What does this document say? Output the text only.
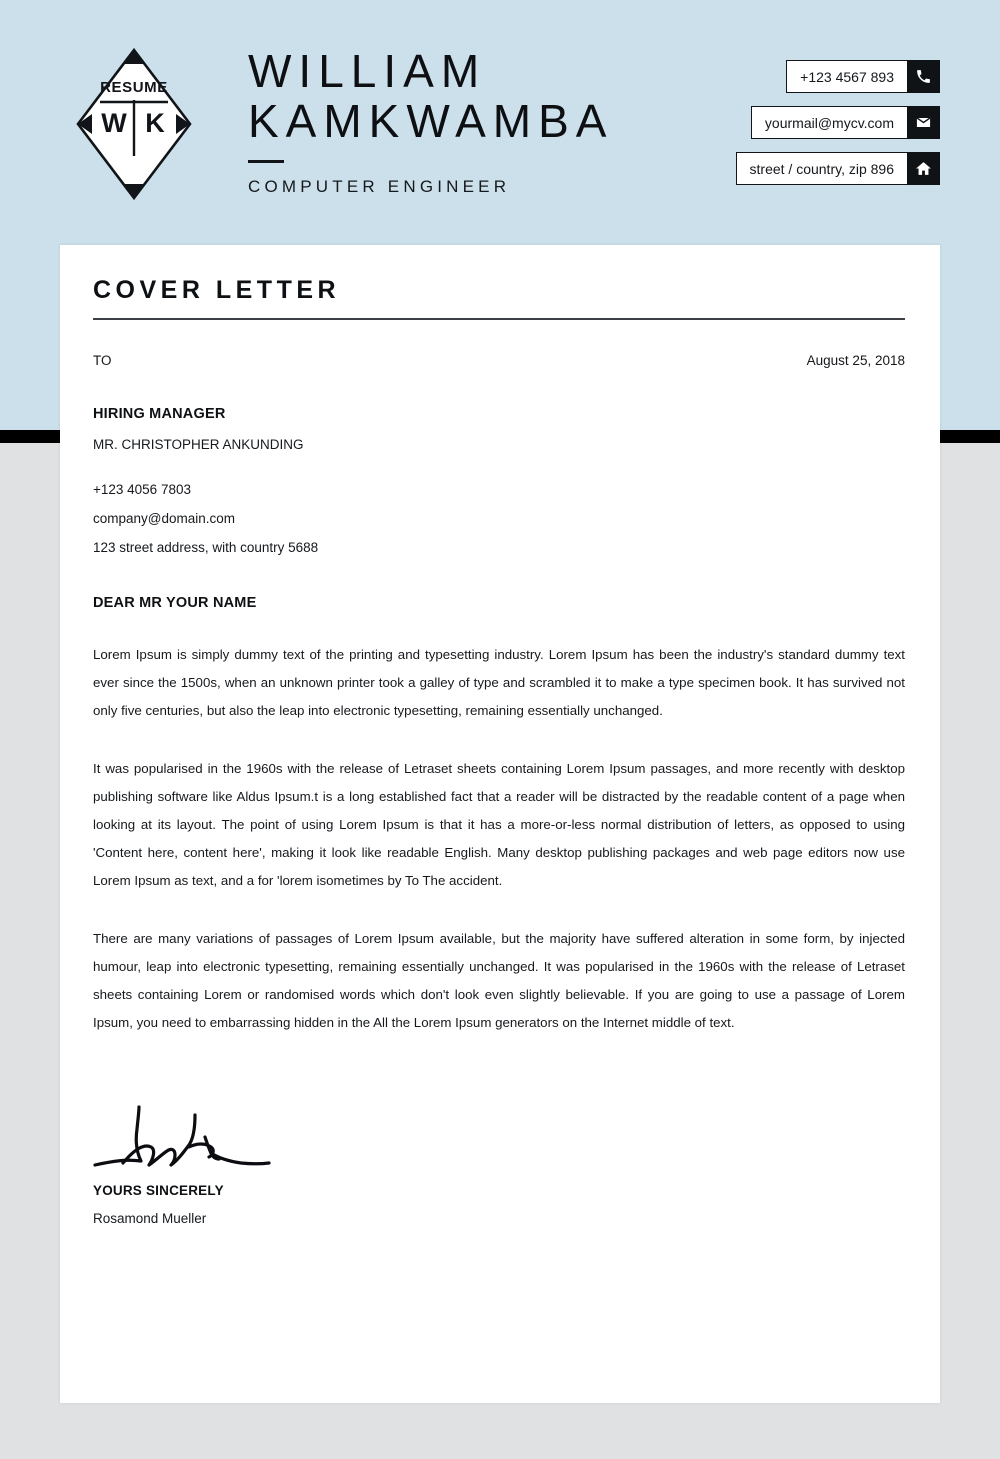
RESUME
W K
WILLIAM
KAMKWAMBA
COMPUTER ENGINEER
+123 4567 893
yourmail@mycv.com
street / country, zip 896
COVER LETTER
TO	August 25, 2018
HIRING MANAGER
MR. CHRISTOPHER ANKUNDING
+123 4056 7803
company@domain.com
123 street address, with country 5688
DEAR MR YOUR NAME
Lorem Ipsum is simply dummy text of the printing and typesetting industry. Lorem Ipsum has been the industry's standard dummy text ever since the 1500s, when an unknown printer took a galley of type and scrambled it to make a type specimen book. It has survived not only five centuries, but also the leap into electronic typesetting, remaining essentially unchanged.
It was popularised in the 1960s with the release of Letraset sheets containing Lorem Ipsum passages, and more recently with desktop publishing software like Aldus Ipsum.t is a long established fact that a reader will be distracted by the readable content of a page when looking at its layout. The point of using Lorem Ipsum is that it has a more-or-less normal distribution of letters, as opposed to using 'Content here, content here', making it look like readable English. Many desktop publishing packages and web page editors now use Lorem Ipsum as text, and a for 'lorem isometimes by To The accident.
There are many variations of passages of Lorem Ipsum available, but the majority have suffered alteration in some form, by injected humour, leap into electronic typesetting, remaining essentially unchanged. It was popularised in the 1960s with the release of Letraset sheets containing Lorem or randomised words which don't look even slightly believable. If you are going to use a passage of Lorem Ipsum, you need to embarrassing hidden in the All the Lorem Ipsum generators on the Internet middle of text.
YOURS SINCERELY
Rosamond Mueller
